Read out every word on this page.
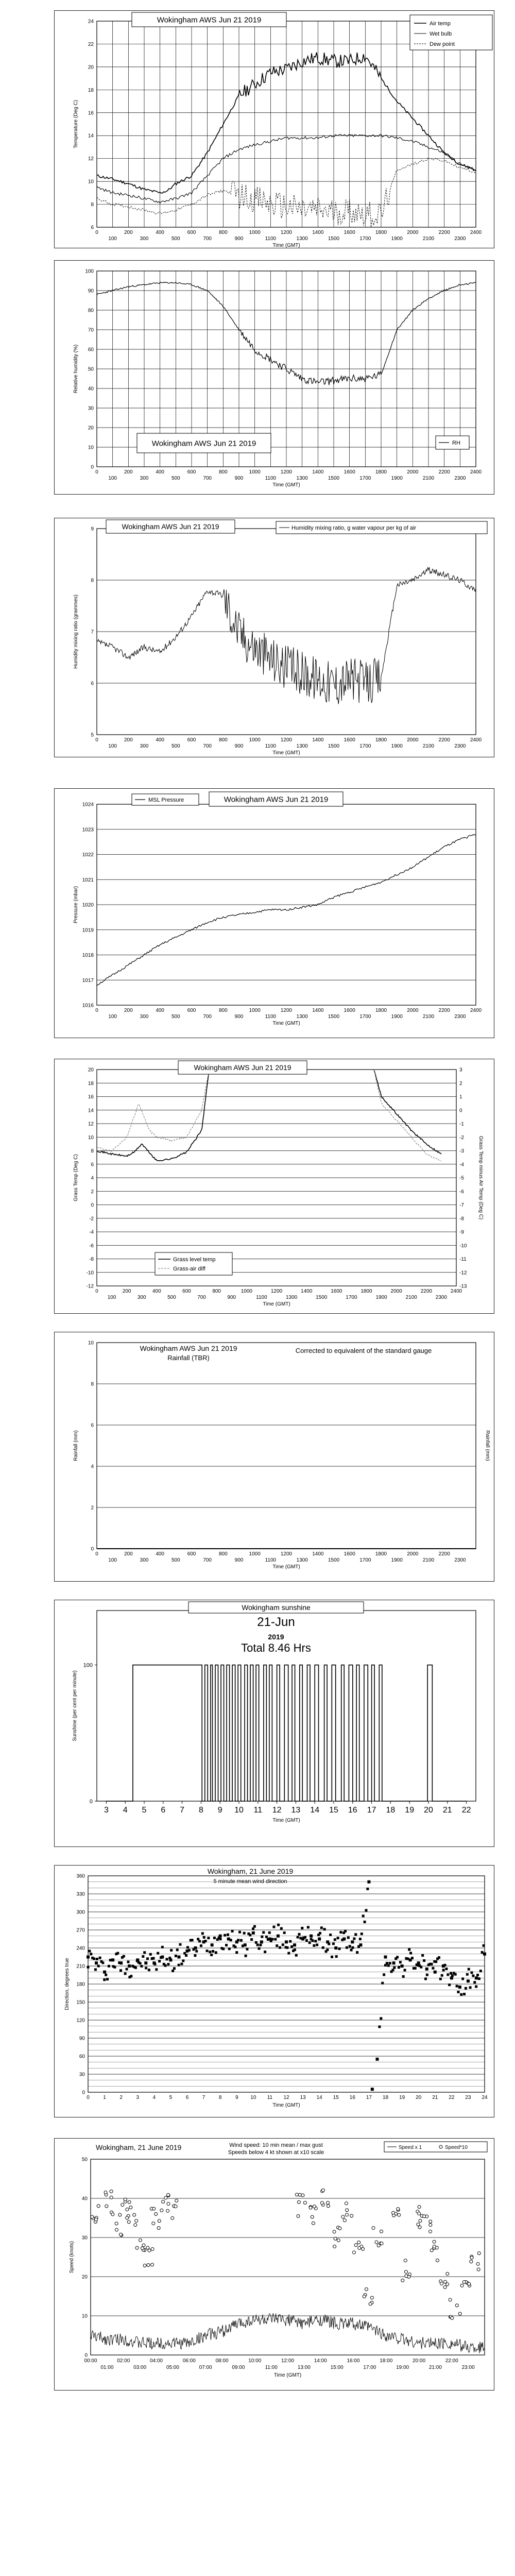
6
8
10
12
14
16
18
20
22
24
0
100
200
300
400
500
600
700
800
900
1000
1100
1200
1300
1400
1500
1600
1700
1800
1900
2000
2100
2200
2300
2400
Time (GMT)
Temperature (Deg C)
Wokingham AWS Jun 21 2019	Air temp
Wet bulb
Dew point
0
10
20
30
40
50
60
70
80
90
100
0
100
200
300
400
500
600
700
800
900
1000
1100
1200
1300
1400
1500
1600
1700
1800
1900
2000
2100
2200
2300
2400
Time (GMT)
Relative humidity (%)
Wokingham AWS Jun 21 2019	RH
5
6
7
8
9
0
100
200
300
400
500
600
700
800
900
1000
1100
1200
1300
1400
1500
1600
1700
1800
1900
2000
2100
2200
2300
2400
Time (GMT)
Humidity mixing ratio (grammes)
Wokingham AWS Jun 21 2019	Humidity mixing ratio, g water vapour per kg of air
1016
1017
1018
1019
1020
1021
1022
1023
1024
0
100
200
300
400
500
600
700
800
900
1000
1100
1200
1300
1400
1500
1600
1700
1800
1900
2000
2100
2200
2300
2400
Time (GMT)
Pressure (mbar)
MSL Pressure	Wokingham AWS Jun 21 2019
-12
-10
-8
-6
-4
-2
0
2
4
6
8
10
12
14
16
18
20
0
100
200
300
400
500
600
700
800
900
1000
1100
1200
1300
1400
1500
1600
1700
1800
1900
2000
2100
2200
2300
2400
Time (GMT)
Grass Temp (Deg C)
-13
-12
-11
-10
-9
-8
-7
-6
-5
-4
-3
-2
-1
0
1
2
3
Grass Temp minus Air Temp (Deg C)
Wokingham AWS Jun 21 2019
Grass level temp
Grass-air diff
0
2
4
6
8
10
0
100
200
300
400
500
600
700
800
900
1000
1100
1200
1300
1400
1500
1600
1700
1800
1900
2000
2100
2200
2300
Time (GMT)
Rainfall (mm)	Rainfall (mm)
Wokingham AWS Jun 21 2019
Rainfall (TBR)
Corrected to equivalent of the standard gauge
0
100
3 4 5 6 7 8 9 10 11 12 13 14 15 16 17 18 19 20 21 22
Time (GMT)
Sunshine (per cent per minute)
Wokingham sunshine
21-Jun
2019
Total 8.46 Hrs
0
30
60
90
120
150
180
210
240
270
300
330
360
0	1	2	3	4	5	6	7	8	9 10 11 12 13 14 15 16 17 18 19 20 21 22 23 24
Time (GMT)
Direction, degrees true
Wokingham, 21 June 2019
5 minute mean wind direction
0
10
20
30
40
50
00:00	02:00	04:00	06:00	08:00	10:00	12:00	14:00	16:00	18:00	20:00	22:00
01:00	03:00	05:00	07:00	09:00	11:00	13:00	15:00	17:00	19:00	21:00	23:00
Time (GMT)
Speed (knots)
Wokingham, 21 June 2019	Wind speed: 10 min mean / max gust
Speeds below 4 kt shown at x10 scale
Speed x 1	Speed*10
